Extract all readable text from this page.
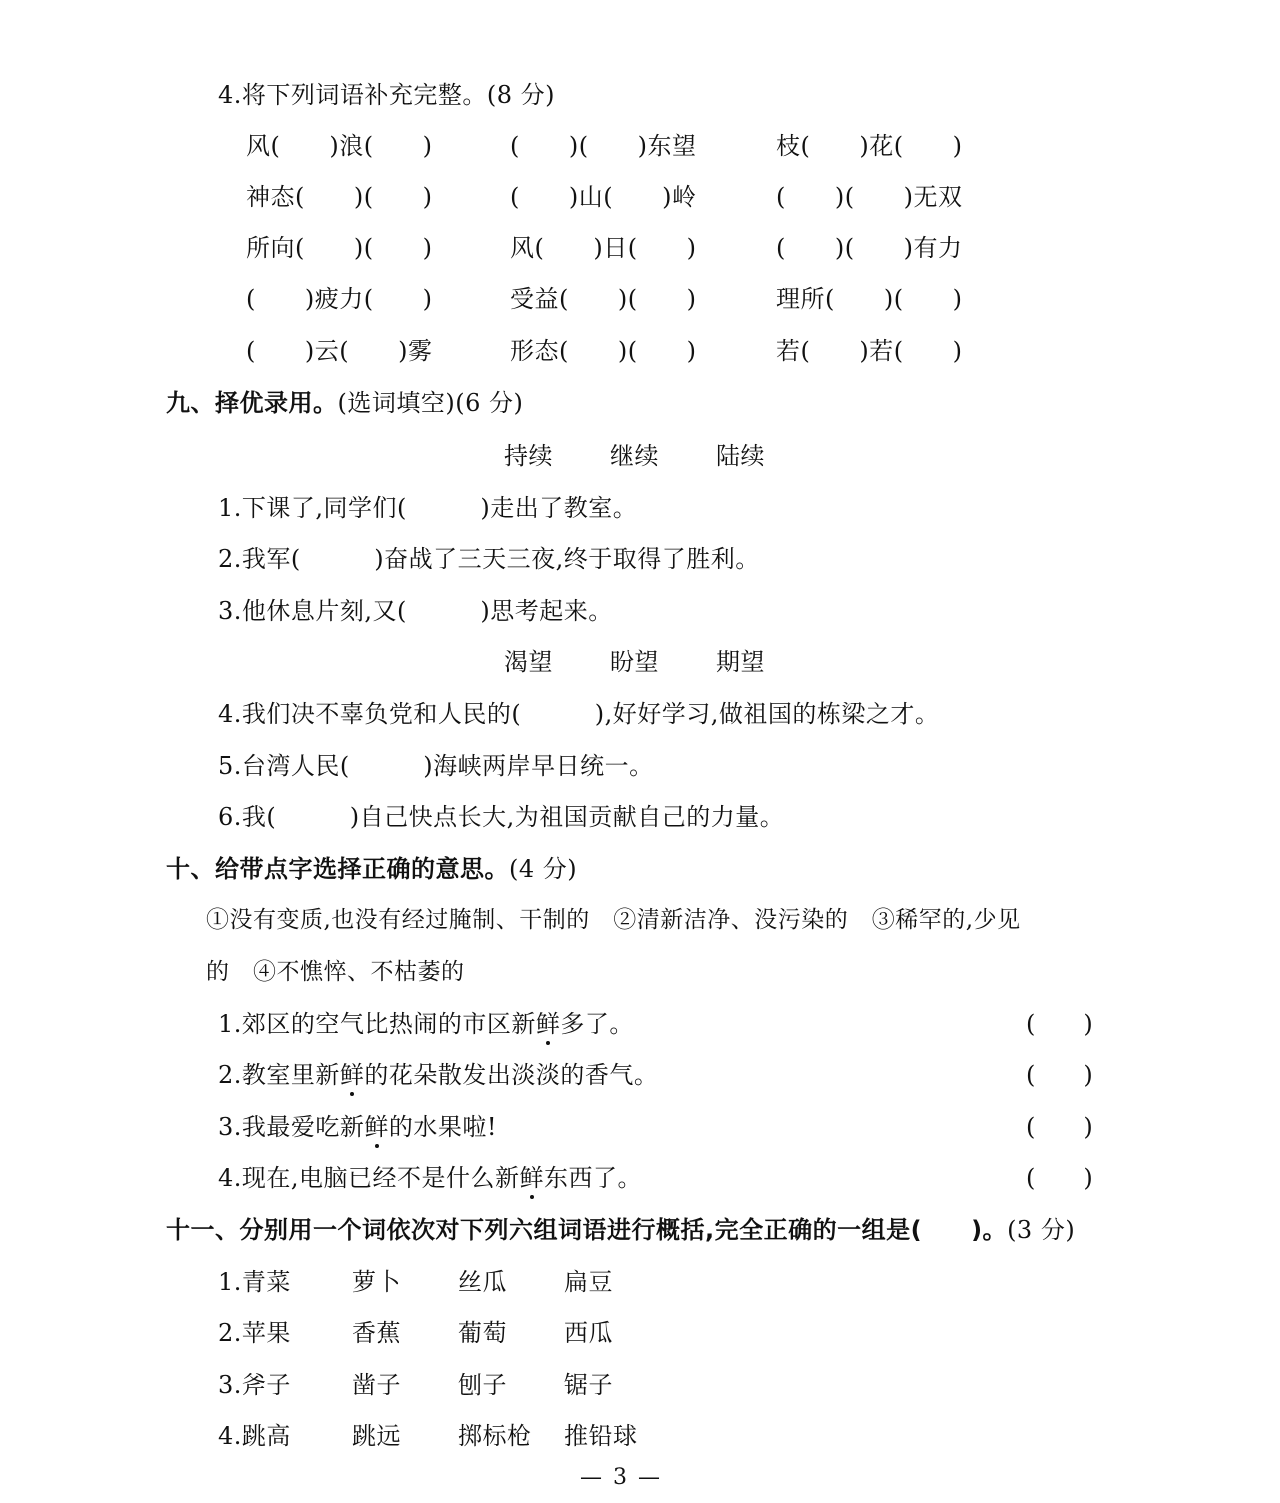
4.将下列词语补充完整。(8 分)
风(　　)浪(　　)	(　　)(　　)东望	枝(　　)花(　　)
神态(　　)(　　)	(　　)山(　　)岭	(　　)(　　)无双
所向(　　)(　　)	风(　　)日(　　)	(　　)(　　)有力
(　　)疲力(　　)	受益(　　)(　　)	理所(　　)(　　)
(　　)云(　　)雾	形态(　　)(　　)	若(　　)若(　　)
九、择优录用。(选词填空)(6 分)
持续 继续 陆续
1.下课了,同学们(　　　)走出了教室。
2.我军(　　　)奋战了三天三夜,终于取得了胜利。
3.他休息片刻,又(　　　)思考起来。
渴望 盼望 期望
4.我们决不辜负党和人民的(　　　),好好学习,做祖国的栋梁之才。
5.台湾人民(　　　)海峡两岸早日统一。
6.我(　　　)自己快点长大,为祖国贡献自己的力量。
十、给带点字选择正确的意思。(4 分)
①没有变质,也没有经过腌制、干制的　②清新洁净、没污染的　③稀罕的,少见
的　④不憔悴、不枯萎的
1.郊区的空气比热闹的市区新鲜多了。	(　　)
2.教室里新鲜的花朵散发出淡淡的香气。	(　　)
3.我最爱吃新鲜的水果啦!	(　　)
4.现在,电脑已经不是什么新鲜东西了。	(　　)
十一、分别用一个词依次对下列六组词语进行概括,完全正确的一组是(　　)。(3 分)
1.青菜	萝卜 丝瓜 扁豆
2.苹果	香蕉 葡萄 西瓜
3.斧子	凿子 刨子 锯子
4.跳高	跳远 掷标枪 推铅球
— 3 —
